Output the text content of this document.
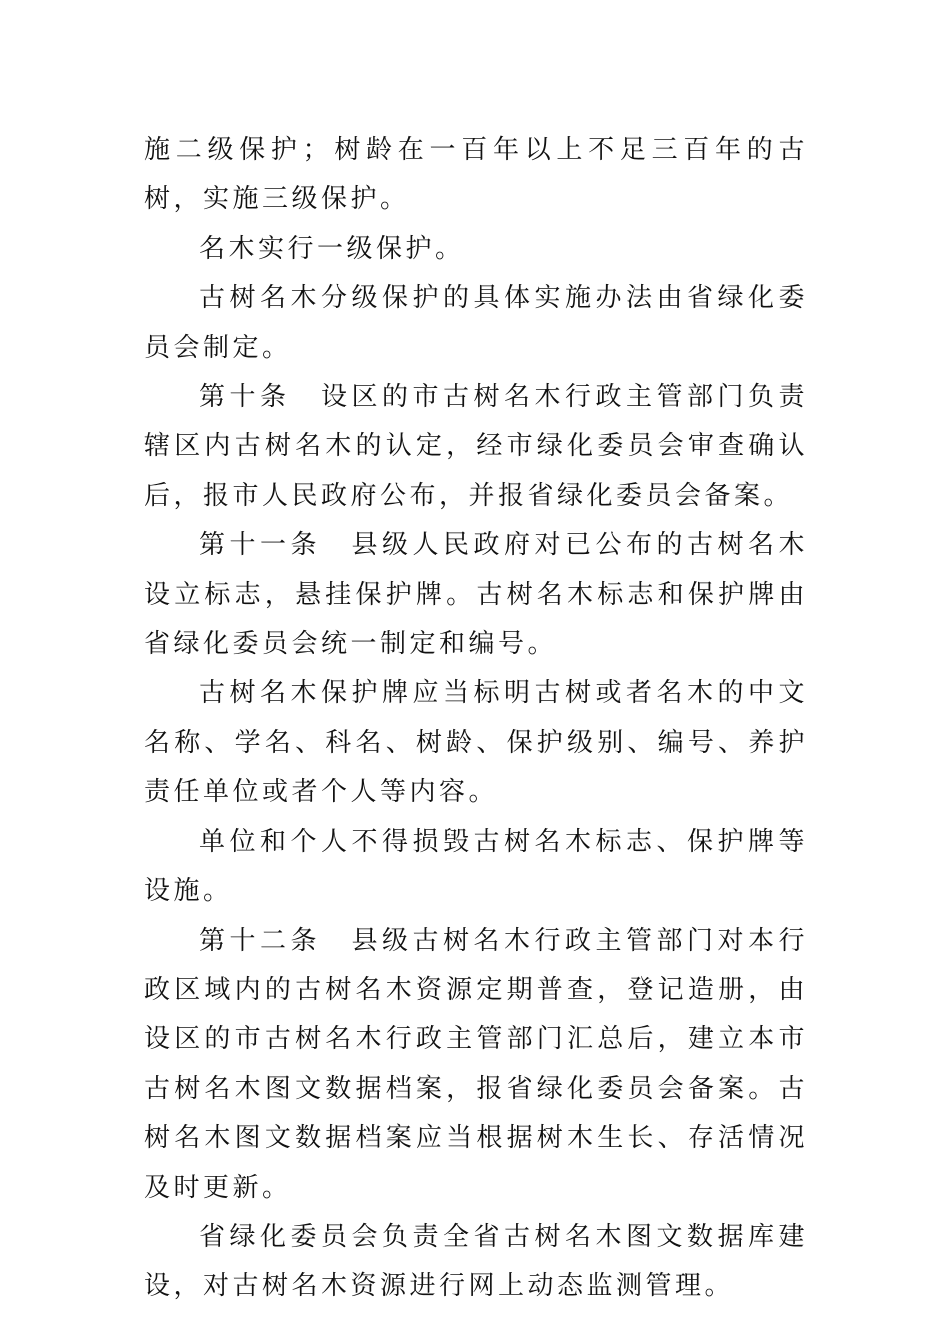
施二级保护；树龄在一百年以上不足三百年的古树，实施三级保护。

名木实行一级保护。

古树名木分级保护的具体实施办法由省绿化委员会制定。

第十条　设区的市古树名木行政主管部门负责辖区内古树名木的认定，经市绿化委员会审查确认后，报市人民政府公布，并报省绿化委员会备案。

第十一条　县级人民政府对已公布的古树名木设立标志，悬挂保护牌。古树名木标志和保护牌由省绿化委员会统一制定和编号。

古树名木保护牌应当标明古树或者名木的中文名称、学名、科名、树龄、保护级别、编号、养护责任单位或者个人等内容。

单位和个人不得损毁古树名木标志、保护牌等设施。

第十二条　县级古树名木行政主管部门对本行政区域内的古树名木资源定期普查，登记造册，由设区的市古树名木行政主管部门汇总后，建立本市古树名木图文数据档案，报省绿化委员会备案。古树名木图文数据档案应当根据树木生长、存活情况及时更新。

省绿化委员会负责全省古树名木图文数据库建设，对古树名木资源进行网上动态监测管理。
